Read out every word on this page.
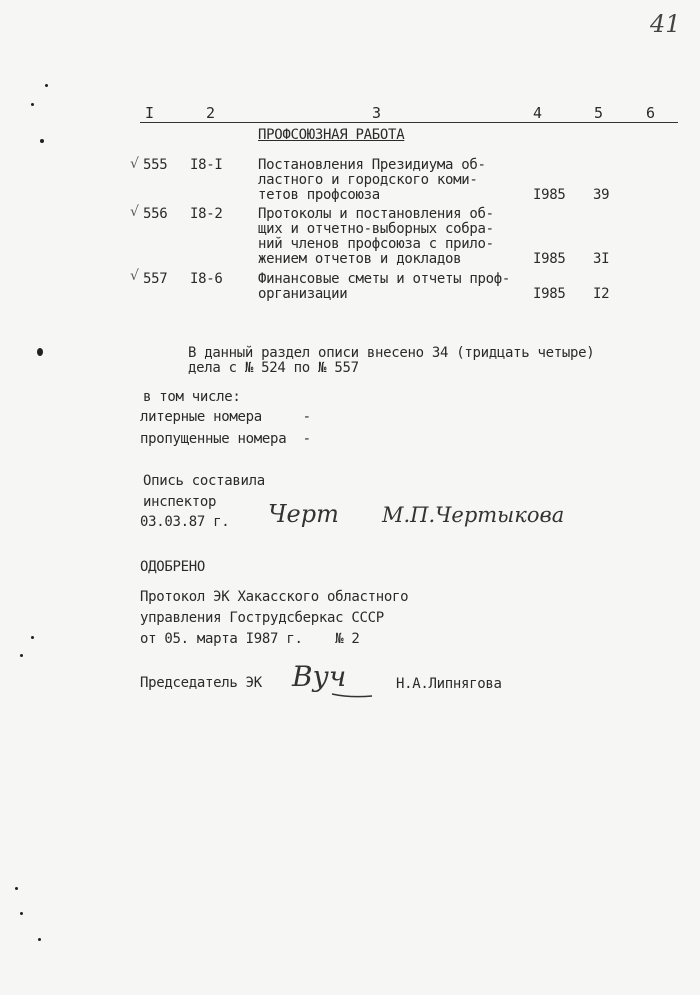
41
I	2	3	4	5	6
ПРОФСОЮЗНАЯ РАБОТА
√ 555 I8-I	Постановления Президиума об-
ластного и городского коми-
тетов профсоюза	I985 39
√ 556 I8-2	Протоколы и постановления об-
щих и отчетно-выборных собра-
ний членов профсоюза с прило-
жением отчетов и докладов	I985 3I
√ 557 I8-6	Финансовые сметы и отчеты проф-
организации	I985 I2
В данный раздел описи внесено 34 (тридцать четыре)
дела с № 524 по № 557
в том числе:
литерные номера     -
пропущенные номера  -
Опись составила
инспектор
03.03.87 г. Черт М.П.Чертыкова
ОДОБРЕНО
Протокол ЭК Хакасского областного
управления Гострудсберкас СССР
от 05. марта I987 г.    № 2
Председатель ЭК Вуч	Н.А.Липнягова
